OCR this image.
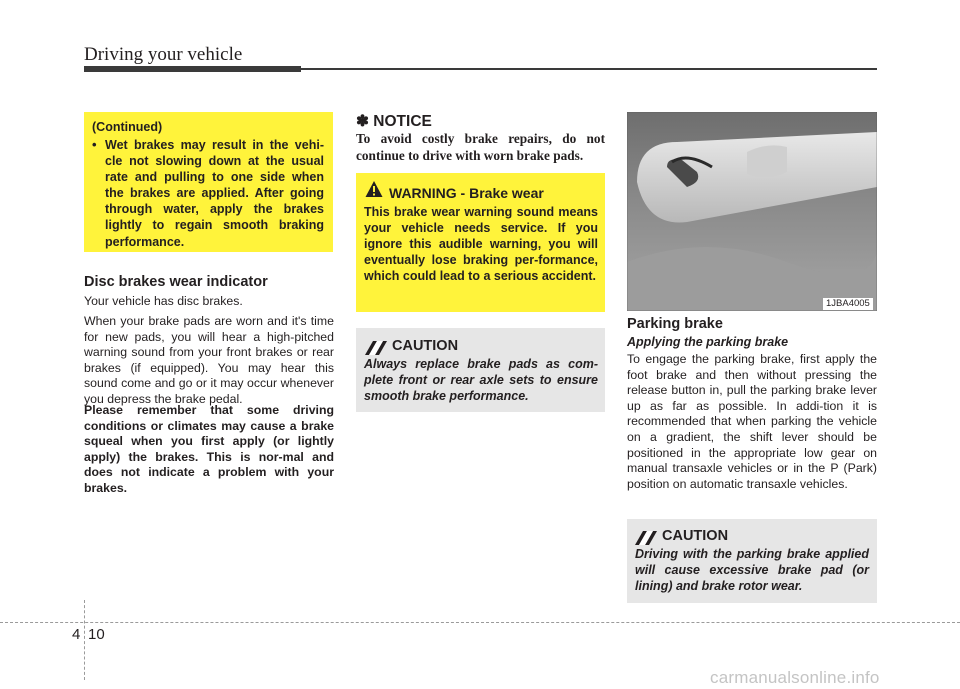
Driving your vehicle
(Continued)
• Wet brakes may result in the vehi-cle not slowing down at the usual rate and pulling to one side when the brakes are applied. After going through water, apply the brakes lightly to regain smooth braking performance.
Disc brakes wear indicator
Your vehicle has disc brakes.
When your brake pads are worn and it's time for new pads, you will hear a high-pitched warning sound from your front brakes or rear brakes (if equipped). You may hear this sound come and go or it may occur whenever you depress the brake pedal.
Please remember that some driving conditions or climates may cause a brake squeal when you first apply (or lightly apply) the brakes. This is nor-mal and does not indicate a problem with your brakes.
✽ NOTICE
To avoid costly brake repairs, do not continue to drive with worn brake pads.
WARNING - Brake wear
This brake wear warning sound means your vehicle needs service. If you ignore this audible warning, you will eventually lose braking per-formance, which could lead to a serious accident.
CAUTION
Always replace brake pads as com-plete front or rear axle sets to ensure smooth brake performance.
1JBA4005
Parking brake
Applying the parking brake
To engage the parking brake, first apply the foot brake and then without pressing the release button in, pull the parking brake lever up as far as possible. In addi-tion it is recommended that when parking the vehicle on a gradient, the shift lever should be positioned in the appropriate low gear on manual transaxle vehicles or in the P (Park) position on automatic transaxle vehicles.
CAUTION
Driving with the parking brake applied will cause excessive brake pad (or lining) and brake rotor wear.
4 10
carmanualsonline.info
